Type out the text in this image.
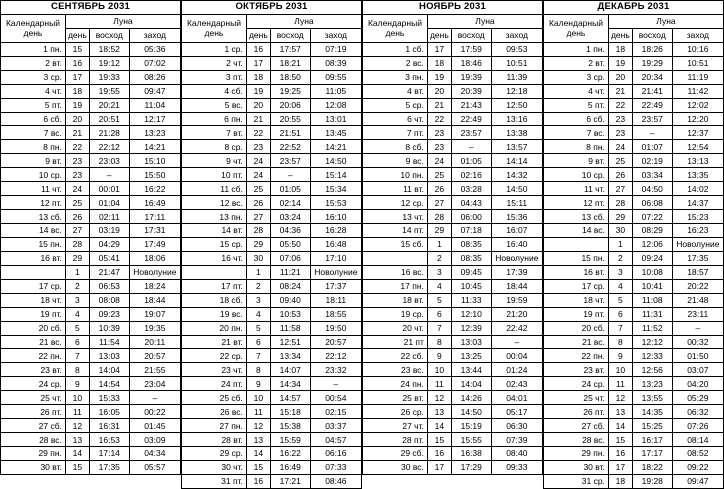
СЕНТЯБРЬ 2031			
Календарный
день	Луна		
	день	восход	заход
1 пн.	15	18:52	05:36
2 вт.	16	19:12	07:02
3 ср.	17	19:33	08:26
4 чт.	18	19:55	09:47
5 пт.	19	20:21	11:04
6 сб.	20	20:51	12:17
7 вс.	21	21:28	13:23
8 пн.	22	22:12	14:21
9 вт.	23	23:03	15:10
10 ср.	23	–	15:50
11 чт.	24	00:01	16:22
12 пт.	25	01:04	16:49
13 сб.	26	02:11	17:11
14 вс.	27	03:19	17:31
15 пн.	28	04:29	17:49
16 вт.	29	05:41	18:06
	1	21:47	Новолуние
17 ср.	2	06:53	18:24
18 чт.	3	08:08	18:44
19 пт.	4	09:23	19:07
20 сб.	5	10:39	19:35
21 вс.	6	11:54	20:11
22 пн.	7	13:03	20:57
23 вт.	8	14:04	21:55
24 ср.	9	14:54	23:04
25 чт.	10	15:33	–
26 пт.	11	16:05	00:22
27 сб.	12	16:31	01:45
28 вс.	13	16:53	03:09
29 пн.	14	17:14	04:34
30 вт.	15	17:35	05:57
ОКТЯБРЬ 2031			
Календарный
день	Луна		
	день	восход	заход
1 ср.	16	17:57	07:19
2 чт.	17	18:21	08:39
3 пт.	18	18:50	09:55
4 сб.	19	19:25	11:05
5 вс.	20	20:06	12:08
6 пн.	21	20:55	13:01
7 вт.	22	21:51	13:45
8 ср.	23	22:52	14:21
9 чт.	24	23:57	14:50
10 пт.	24	–	15:14
11 сб.	25	01:05	15:34
12 вс.	26	02:14	15:53
13 пн.	27	03:24	16:10
14 вт.	28	04:36	16:28
15 ср.	29	05:50	16:48
16 чт.	30	07:06	17:10
	1	11:21	Новолуние
17 пт.	2	08:24	17:37
18 сб.	3	09:40	18:11
19 вс.	4	10:53	18:55
20 пн.	5	11:58	19:50
21 вт.	6	12:51	20:57
22 ср.	7	13:34	22:12
23 чт.	8	14:07	23:32
24 пт.	9	14:34	–
25 сб.	10	14:57	00:54
26 вс.	11	15:18	02:15
27 пн.	12	15:38	03:37
28 вт.	13	15:59	04:57
29 ср.	14	16:22	06:16
30 чт.	15	16:49	07:33
31 пт.	16	17:21	08:46
НОЯБРЬ 2031			
Календарный
день	Луна		
	день	восход	заход
1 сб.	17	17:59	09:53
2 вс.	18	18:46	10:51
3 пн.	19	19:39	11:39
4 вт.	20	20:39	12:18
5 ср.	21	21:43	12:50
6 чт.	22	22:49	13:16
7 пт.	23	23:57	13:38
8 сб.	23	–	13:57
9 вс.	24	01:05	14:14
10 пн.	25	02:16	14:32
11 вт.	26	03:28	14:50
12 ср.	27	04:43	15:11
13 чт.	28	06:00	15:36
14 пт.	29	07:18	16:07
15 сб.	1	08:35	16:40
	2	08:35	Новолуние
16 вс.	3	09:45	17:39
17 пн.	4	10:45	18:44
18 вт.	5	11:33	19:59
19 ср.	6	12:10	21:20
20 чт.	7	12:39	22:42
21 пт	8	13:03	–
22 сб.	9	13:25	00:04
23 вс.	10	13:44	01:24
24 пн.	11	14:04	02:43
25 вт.	12	14:26	04:01
26 ср.	13	14:50	05:17
27 чт.	14	15:19	06:30
28 пт.	15	15:55	07:39
29 сб.	16	16:38	08:40
30 вс.	17	17:29	09:33
ДЕКАБРЬ 2031			
Календарный
день	Луна		
	день	восход	заход
1 пн.	18	18:26	10:16
2 вт.	19	19:29	10:51
3 ср.	20	20:34	11:19
4 чт.	21	21:41	11:42
5 пт.	22	22:49	12:02
6 сб.	23	23:57	12:20
7 вс.	23	–	12:37
8 пн.	24	01:07	12:54
9 вт.	25	02:19	13:13
10 ср.	26	03:34	13:35
11 чт.	27	04:50	14:02
12 пт.	28	06:08	14:37
13 сб.	29	07:22	15:23
14 вс.	30	08:29	16:23
	1	12:06	Новолуние
15 пн.	2	09:24	17:35
16 вт.	3	10:08	18:57
17 ср.	4	10:41	20:22
18 чт.	5	11:08	21:48
19 пт.	6	11:31	23:11
20 сб.	7	11:52	–
21 вс.	8	12:12	00:32
22 пн.	9	12:33	01:50
23 вт.	10	12:56	03:07
24 ср.	11	13:23	04:20
25 чт.	12	13:55	05:29
26 пт.	13	14:35	06:32
27 сб.	14	15:25	07:26
28 вс.	15	16:17	08:14
29 пн.	16	17:17	08:52
30 вт.	17	18:22	09:22
31 ср.	18	19:28	09:47
